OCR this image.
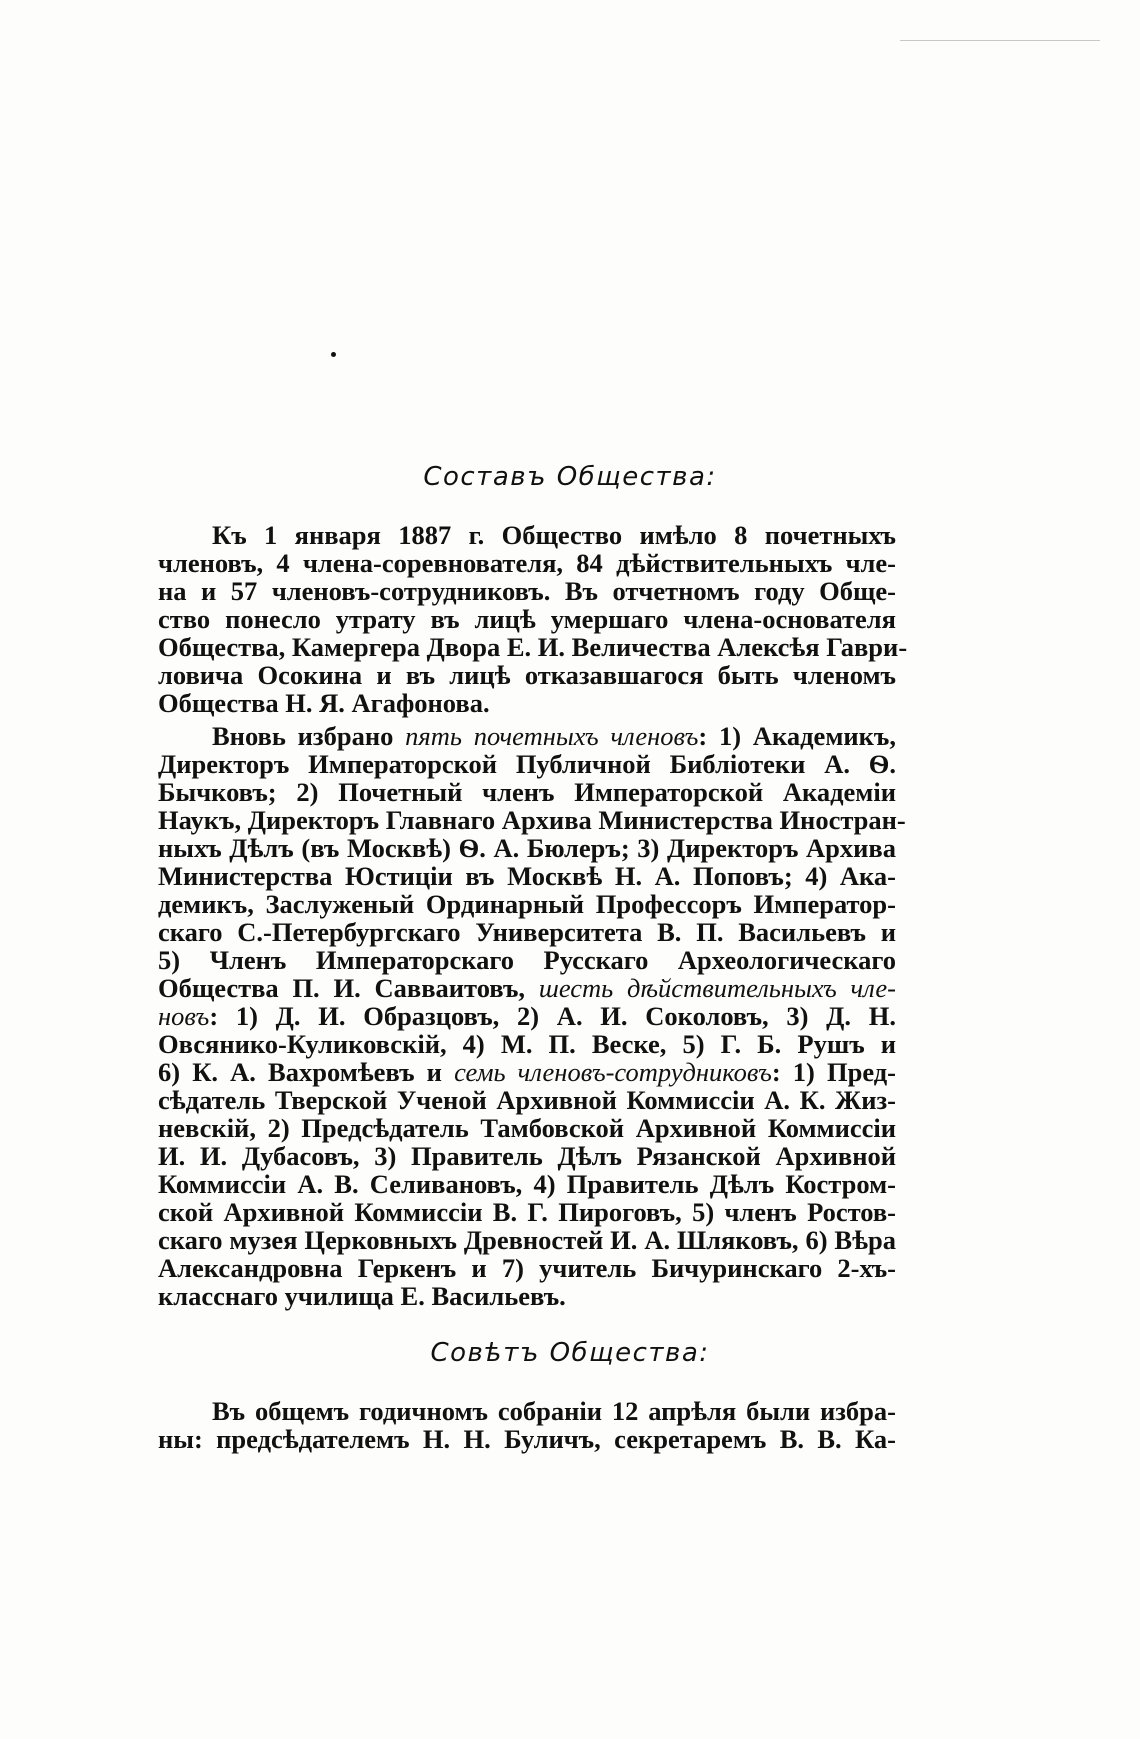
Составъ Общества:
Къ 1 января 1887 г. Общество имѣло 8 почетныхъ
членовъ, 4 члена-соревнователя, 84 дѣйствительныхъ чле-
на и 57 членовъ-сотрудниковъ. Въ отчетномъ году Обще-
ство понесло утрату въ лицѣ умершаго члена-основателя
Общества, Камергера Двора Е. И. Величества Алексѣя Гаври-
ловича Осокина и въ лицѣ отказавшагося быть членомъ
Общества Н. Я. Агафонова.
Вновь избрано пять почетныхъ членовъ: 1) Академикъ,
Директоръ Императорской Публичной Библіотеки А. Ѳ.
Бычковъ; 2) Почетный членъ Императорской Академіи
Наукъ, Директоръ Главнаго Архива Министерства Иностран-
ныхъ Дѣлъ (въ Москвѣ) Ѳ. А. Бюлеръ; 3) Директоръ Архива
Министерства Юстиціи въ Москвѣ Н. А. Поповъ; 4) Ака-
демикъ, Заслуженый Ординарный Профессоръ Император-
скаго С.-Петербургскаго Университета В. П. Васильевъ и
5) Членъ Императорскаго Русскаго Археологическаго
Общества П. И. Савваитовъ, шесть дѣйствительныхъ чле-
новъ: 1) Д. И. Образцовъ, 2) А. И. Соколовъ, 3) Д. Н.
Овсянико-Куликовскій, 4) М. П. Веске, 5) Г. Б. Рушъ и
6) К. А. Вахромѣевъ и семь членовъ-сотрудниковъ: 1) Пред-
сѣдатель Тверской Ученой Архивной Коммиссіи А. К. Жиз-
невскій, 2) Предсѣдатель Тамбовской Архивной Коммиссіи
И. И. Дубасовъ, 3) Правитель Дѣлъ Рязанской Архивной
Коммиссіи А. В. Селивановъ, 4) Правитель Дѣлъ Костром-
ской Архивной Коммиссіи В. Г. Пироговъ, 5) членъ Ростов-
скаго музея Церковныхъ Древностей И. А. Шляковъ, 6) Вѣра
Александровна Геркенъ и 7) учитель Бичуринскаго 2-хъ-
класснаго училища Е. Васильевъ.
Совѣтъ Общества:
Въ общемъ годичномъ собраніи 12 апрѣля были избра-
ны: предсѣдателемъ Н. Н. Буличъ, секретаремъ В. В. Ка-
